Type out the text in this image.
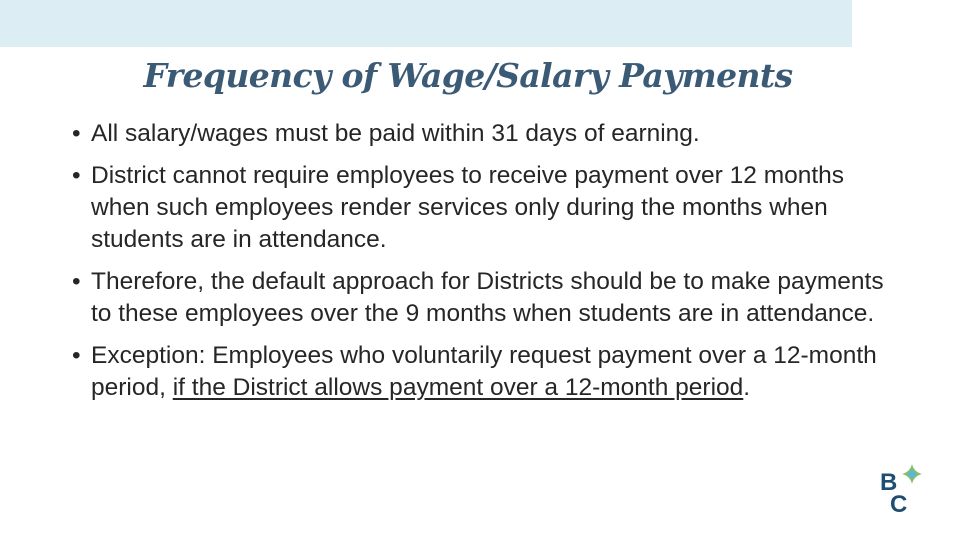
Frequency of Wage/Salary Payments
• All salary/wages must be paid within 31 days of earning.
• District cannot require employees to receive payment over 12 months when such employees render services only during the months when students are in attendance.
• Therefore, the default approach for Districts should be to make payments to these employees over the 9 months when students are in attendance.
• Exception: Employees who voluntarily request payment over a 12-month period, if the District allows payment over a 12-month period.
B
C
